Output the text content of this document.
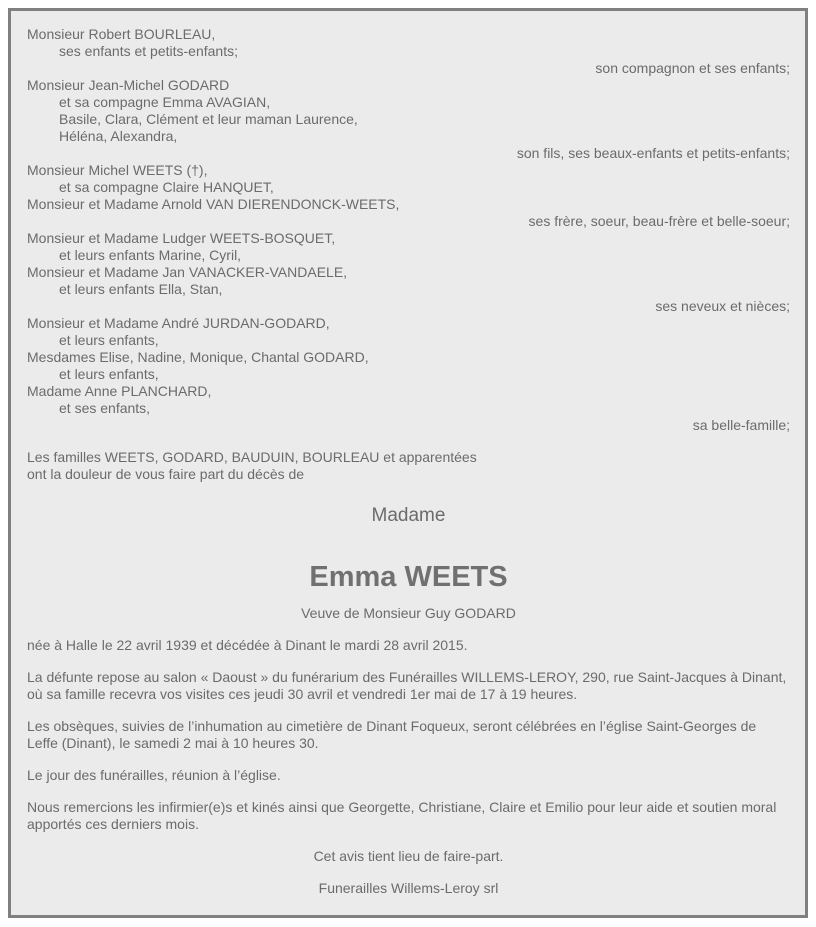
Monsieur Robert BOURLEAU,
ses enfants et petits-enfants;
son compagnon et ses enfants;
Monsieur Jean-Michel GODARD
et sa compagne Emma AVAGIAN,
Basile, Clara, Clément et leur maman Laurence,
Héléna, Alexandra,
son fils, ses beaux-enfants et petits-enfants;
Monsieur Michel WEETS (†),
et sa compagne Claire HANQUET,
Monsieur et Madame Arnold VAN DIERENDONCK-WEETS,
ses frère, soeur, beau-frère et belle-soeur;
Monsieur et Madame Ludger WEETS-BOSQUET,
et leurs enfants Marine, Cyril,
Monsieur et Madame Jan VANACKER-VANDAELE,
et leurs enfants Ella, Stan,
ses neveux et nièces;
Monsieur et Madame André JURDAN-GODARD,
et leurs enfants,
Mesdames Elise, Nadine, Monique, Chantal GODARD,
et leurs enfants,
Madame Anne PLANCHARD,
et ses enfants,
sa belle-famille;
Les familles WEETS, GODARD, BAUDUIN, BOURLEAU et apparentées
ont la douleur de vous faire part du décès de
Madame
Emma WEETS
Veuve de Monsieur Guy GODARD
née à Halle le 22 avril 1939 et décédée à Dinant le mardi 28 avril 2015.
La défunte repose au salon « Daoust » du funérarium des Funérailles WILLEMS-LEROY, 290, rue Saint-Jacques à Dinant, où sa famille recevra vos visites ces jeudi 30 avril et vendredi 1er mai de 17 à 19 heures.
Les obsèques, suivies de l’inhumation au cimetière de Dinant Foqueux, seront célébrées en l’église Saint-Georges de Leffe (Dinant), le samedi 2 mai à 10 heures 30.
Le jour des funérailles, réunion à l’église.
Nous remercions les infirmier(e)s et kinés ainsi que Georgette, Christiane, Claire et Emilio pour leur aide et soutien moral apportés ces derniers mois.
Cet avis tient lieu de faire-part.
Funerailles Willems-Leroy srl
